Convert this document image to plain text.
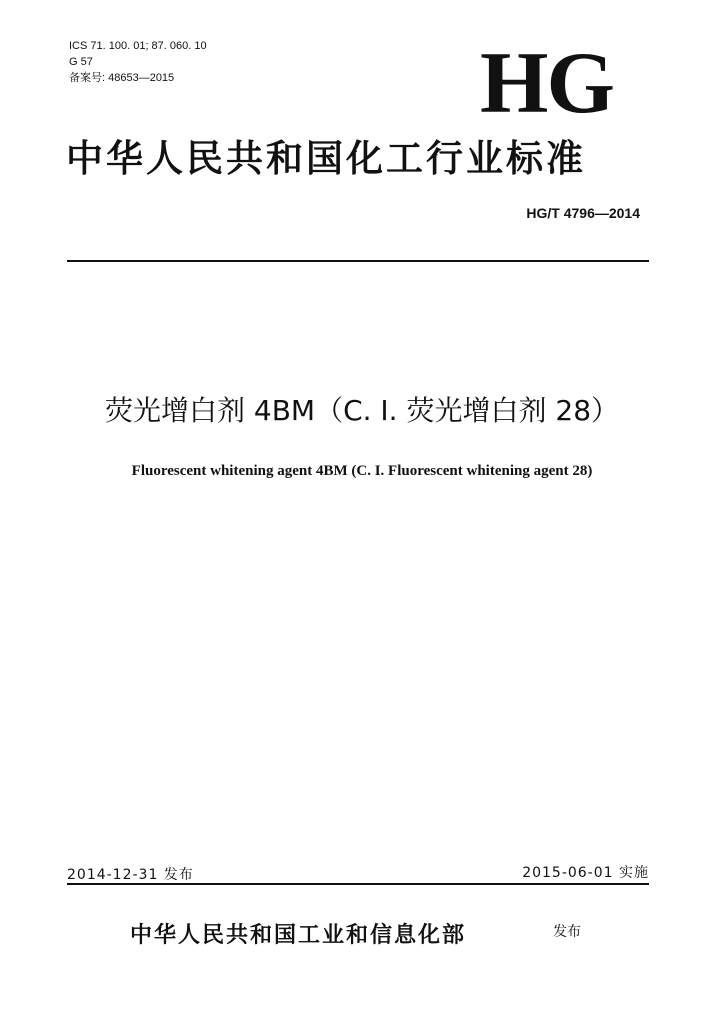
ICS 71. 100. 01; 87. 060. 10
G 57
备案号: 48653—2015	HG
中华人民共和国化工行业标准
HG/T 4796—2014
荧光增白剂 4BM（C. I. 荧光增白剂 28）
Fluorescent whitening agent 4BM (C. I. Fluorescent whitening agent 28)
2014-12-31 发布	2015-06-01 实施
中华人民共和国工业和信息化部	发布
